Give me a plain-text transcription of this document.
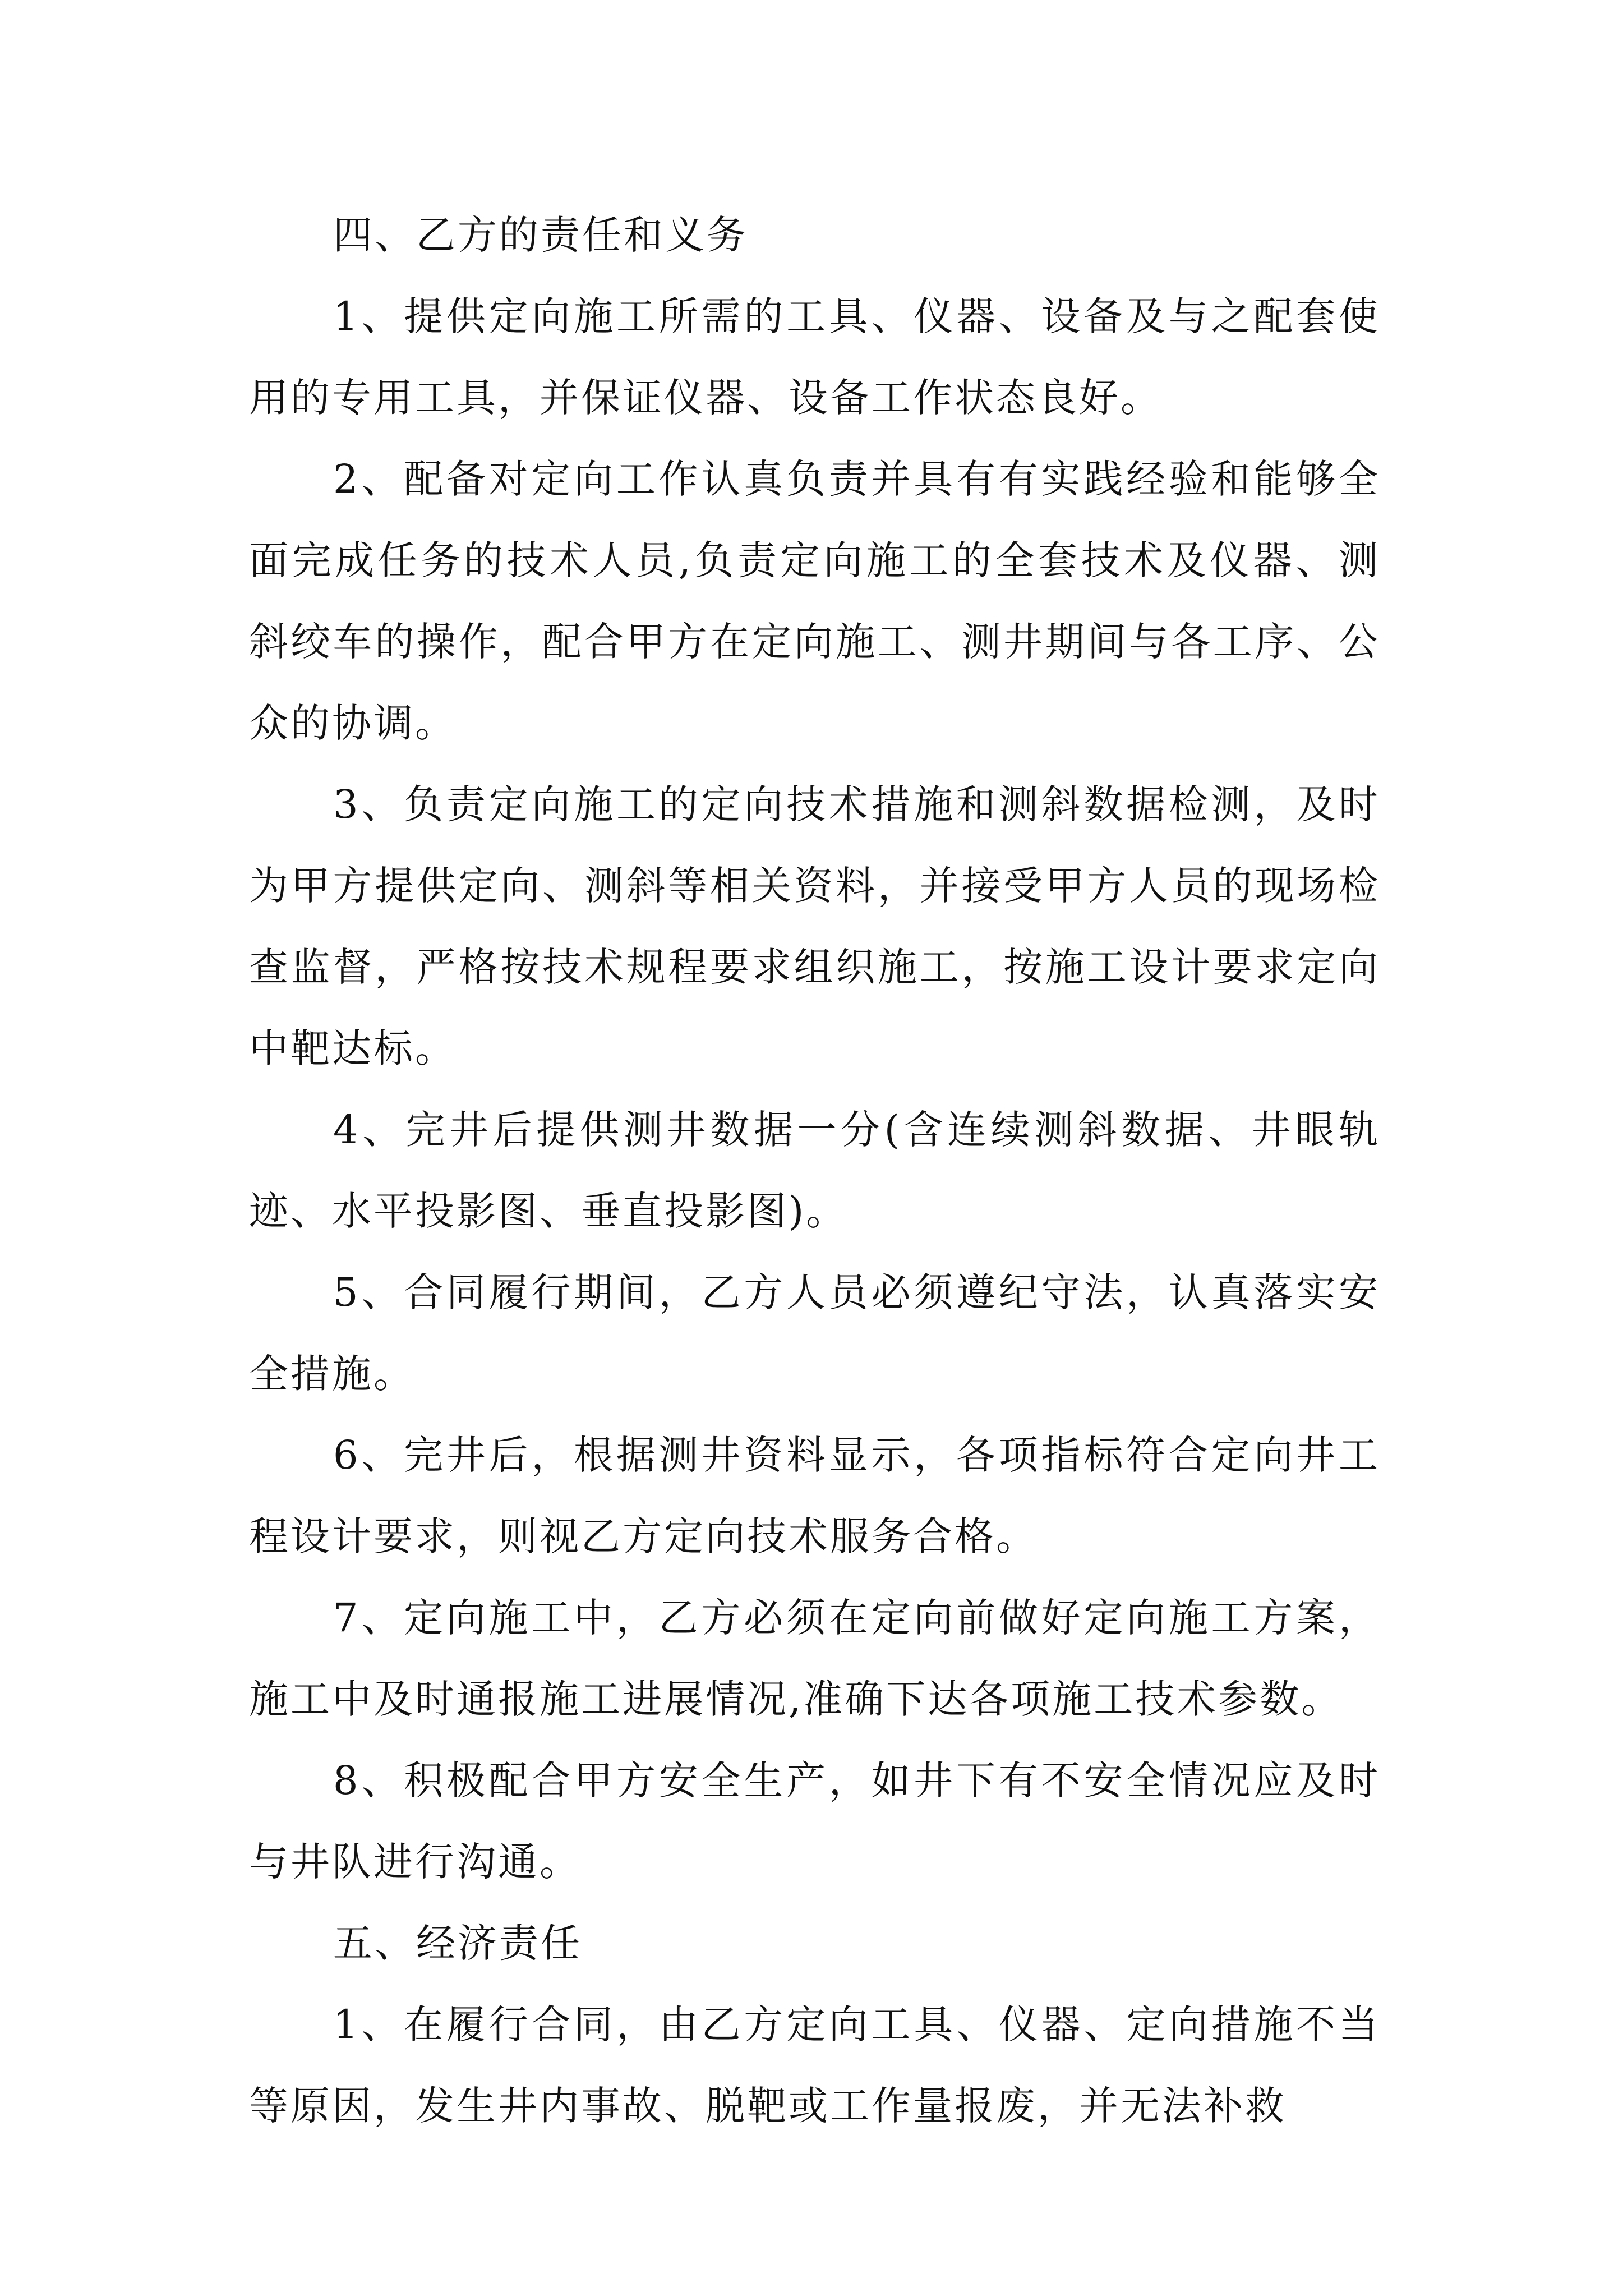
四、乙方的责任和义务

1、提供定向施工所需的工具、仪器、设备及与之配套使用的专用工具，并保证仪器、设备工作状态良好。

2、配备对定向工作认真负责并具有有实践经验和能够全面完成任务的技术人员,负责定向施工的全套技术及仪器、测斜绞车的操作，配合甲方在定向施工、测井期间与各工序、公众的协调。

3、负责定向施工的定向技术措施和测斜数据检测，及时为甲方提供定向、测斜等相关资料，并接受甲方人员的现场检查监督，严格按技术规程要求组织施工，按施工设计要求定向中靶达标。

4、完井后提供测井数据一分(含连续测斜数据、井眼轨迹、水平投影图、垂直投影图)。

5、合同履行期间，乙方人员必须遵纪守法，认真落实安全措施。

6、完井后，根据测井资料显示，各项指标符合定向井工程设计要求，则视乙方定向技术服务合格。

7、定向施工中，乙方必须在定向前做好定向施工方案，施工中及时通报施工进展情况,准确下达各项施工技术参数。

8、积极配合甲方安全生产，如井下有不安全情况应及时与井队进行沟通。

五、经济责任

1、在履行合同，由乙方定向工具、仪器、定向措施不当等原因，发生井内事故、脱靶或工作量报废，并无法补救
